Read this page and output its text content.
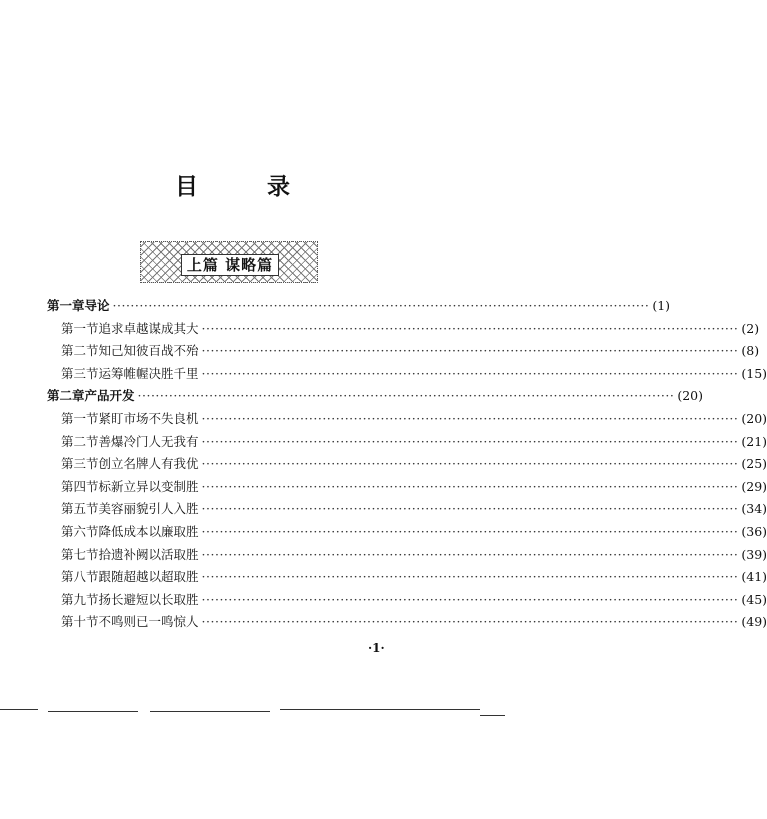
目	录
上篇 谋略篇
第一章 导论 ························································································································ (1)
第一节 追求卓越 谋成其大 ························································································································ (2)
第二节 知己知彼 百战不殆 ························································································································ (8)
第三节 运筹帷幄 决胜千里 ························································································································ (15)
第二章 产品开发 ························································································································ (20)
第一节 紧盯市场 不失良机 ························································································································ (20)
第二节 善爆冷门 人无我有 ························································································································ (21)
第三节 创立名牌 人有我优 ························································································································ (25)
第四节 标新立异 以变制胜 ························································································································ (29)
第五节 美容丽貌 引人入胜 ························································································································ (34)
第六节 降低成本 以廉取胜 ························································································································ (36)
第七节 拾遗补阙 以活取胜 ························································································································ (39)
第八节 跟随超越 以超取胜 ························································································································ (41)
第九节 扬长避短 以长取胜 ························································································································ (45)
第十节 不鸣则已 一鸣惊人 ························································································································ (49)
·1·
